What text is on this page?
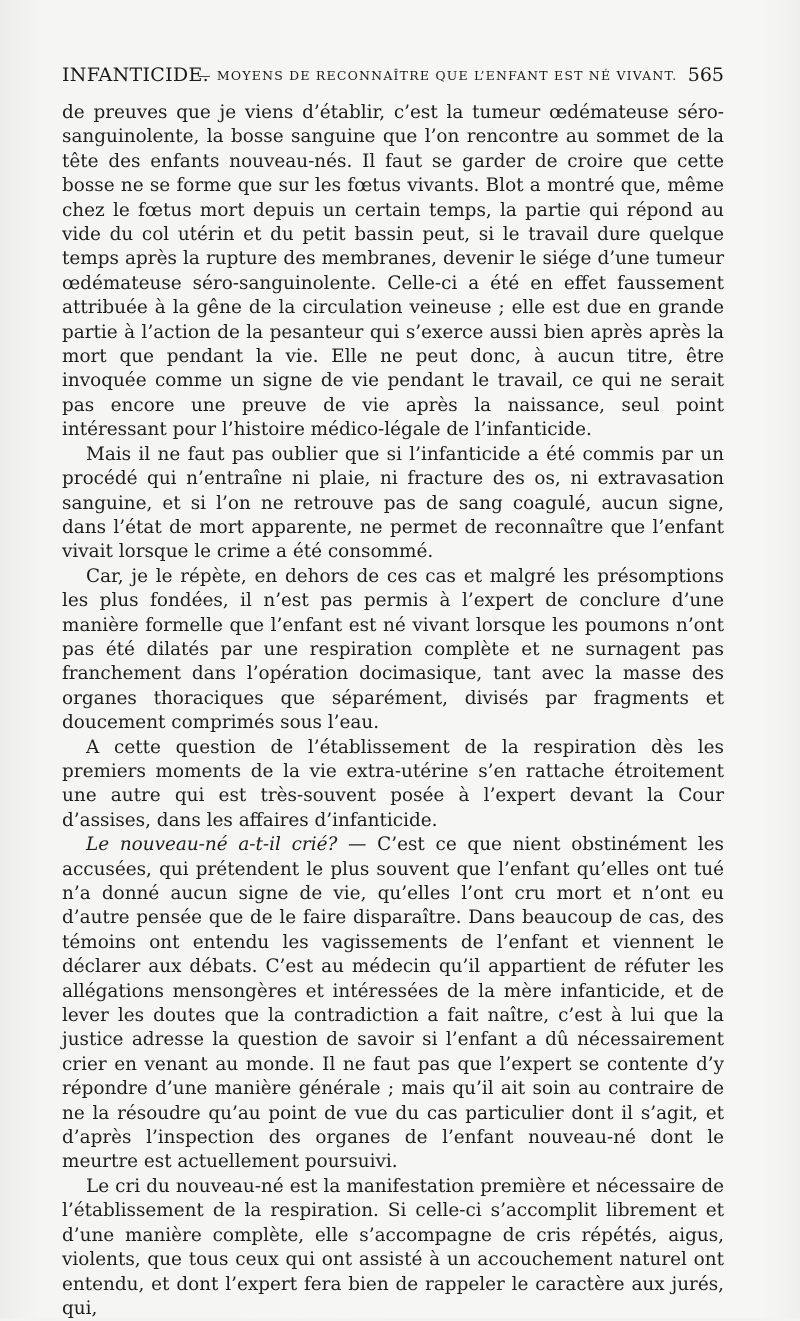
INFANTICIDE.
— MOYENS DE RECONNAÎTRE QUE L’ENFANT EST NÉ VIVANT. 565

de preuves que je viens d’établir, c’est la tumeur œdémateuse séro-sanguinolente, la bosse sanguine que l’on rencontre au sommet de la tête des enfants nouveau-nés. Il faut se garder de croire que cette bosse ne se forme que sur les fœtus vivants. Blot a montré que, même chez le fœtus mort depuis un certain temps, la partie qui répond au vide du col utérin et du petit bassin peut, si le travail dure quelque temps après la rupture des membranes, devenir le siége d’une tumeur œdémateuse séro-sanguinolente. Celle-ci a été en effet faussement attribuée à la gêne de la circulation veineuse ; elle est due en grande partie à l’action de la pesanteur qui s’exerce aussi bien après après la mort que pendant la vie. Elle ne peut donc, à aucun titre, être invoquée comme un signe de vie pendant le travail, ce qui ne serait pas encore une preuve de vie après la naissance, seul point intéressant pour l’histoire médico-légale de l’infanticide.

Mais il ne faut pas oublier que si l’infanticide a été commis par un procédé qui n’entraîne ni plaie, ni fracture des os, ni extravasation sanguine, et si l’on ne retrouve pas de sang coagulé, aucun signe, dans l’état de mort apparente, ne permet de reconnaître que l’enfant vivait lorsque le crime a été consommé.

Car, je le répète, en dehors de ces cas et malgré les présomptions les plus fondées, il n’est pas permis à l’expert de conclure d’une manière formelle que l’enfant est né vivant lorsque les poumons n’ont pas été dilatés par une respiration complète et ne surnagent pas franchement dans l’opération docimasique, tant avec la masse des organes thoraciques que séparément, divisés par fragments et doucement comprimés sous l’eau.

A cette question de l’établissement de la respiration dès les premiers moments de la vie extra-utérine s’en rattache étroitement une autre qui est très-souvent posée à l’expert devant la Cour d’assises, dans les affaires d’infanticide.

Le nouveau-né a-t-il crié? — C’est ce que nient obstinément les accusées, qui prétendent le plus souvent que l’enfant qu’elles ont tué n’a donné aucun signe de vie, qu’elles l’ont cru mort et n’ont eu d’autre pensée que de le faire disparaître. Dans beaucoup de cas, des témoins ont entendu les vagissements de l’enfant et viennent le déclarer aux débats. C’est au médecin qu’il appartient de réfuter les allégations mensongères et intéressées de la mère infanticide, et de lever les doutes que la contradiction a fait naître, c’est à lui que la justice adresse la question de savoir si l’enfant a dû nécessairement crier en venant au monde. Il ne faut pas que l’expert se contente d’y répondre d’une manière générale ; mais qu’il ait soin au contraire de ne la résoudre qu’au point de vue du cas particulier dont il s’agit, et d’après l’inspection des organes de l’enfant nouveau-né dont le meurtre est actuellement poursuivi.

Le cri du nouveau-né est la manifestation première et nécessaire de l’établissement de la respiration. Si celle-ci s’accomplit librement et d’une manière complète, elle s’accompagne de cris répétés, aigus, violents, que tous ceux qui ont assisté à un accouchement naturel ont entendu, et dont l’expert fera bien de rappeler le caractère aux jurés, qui,
